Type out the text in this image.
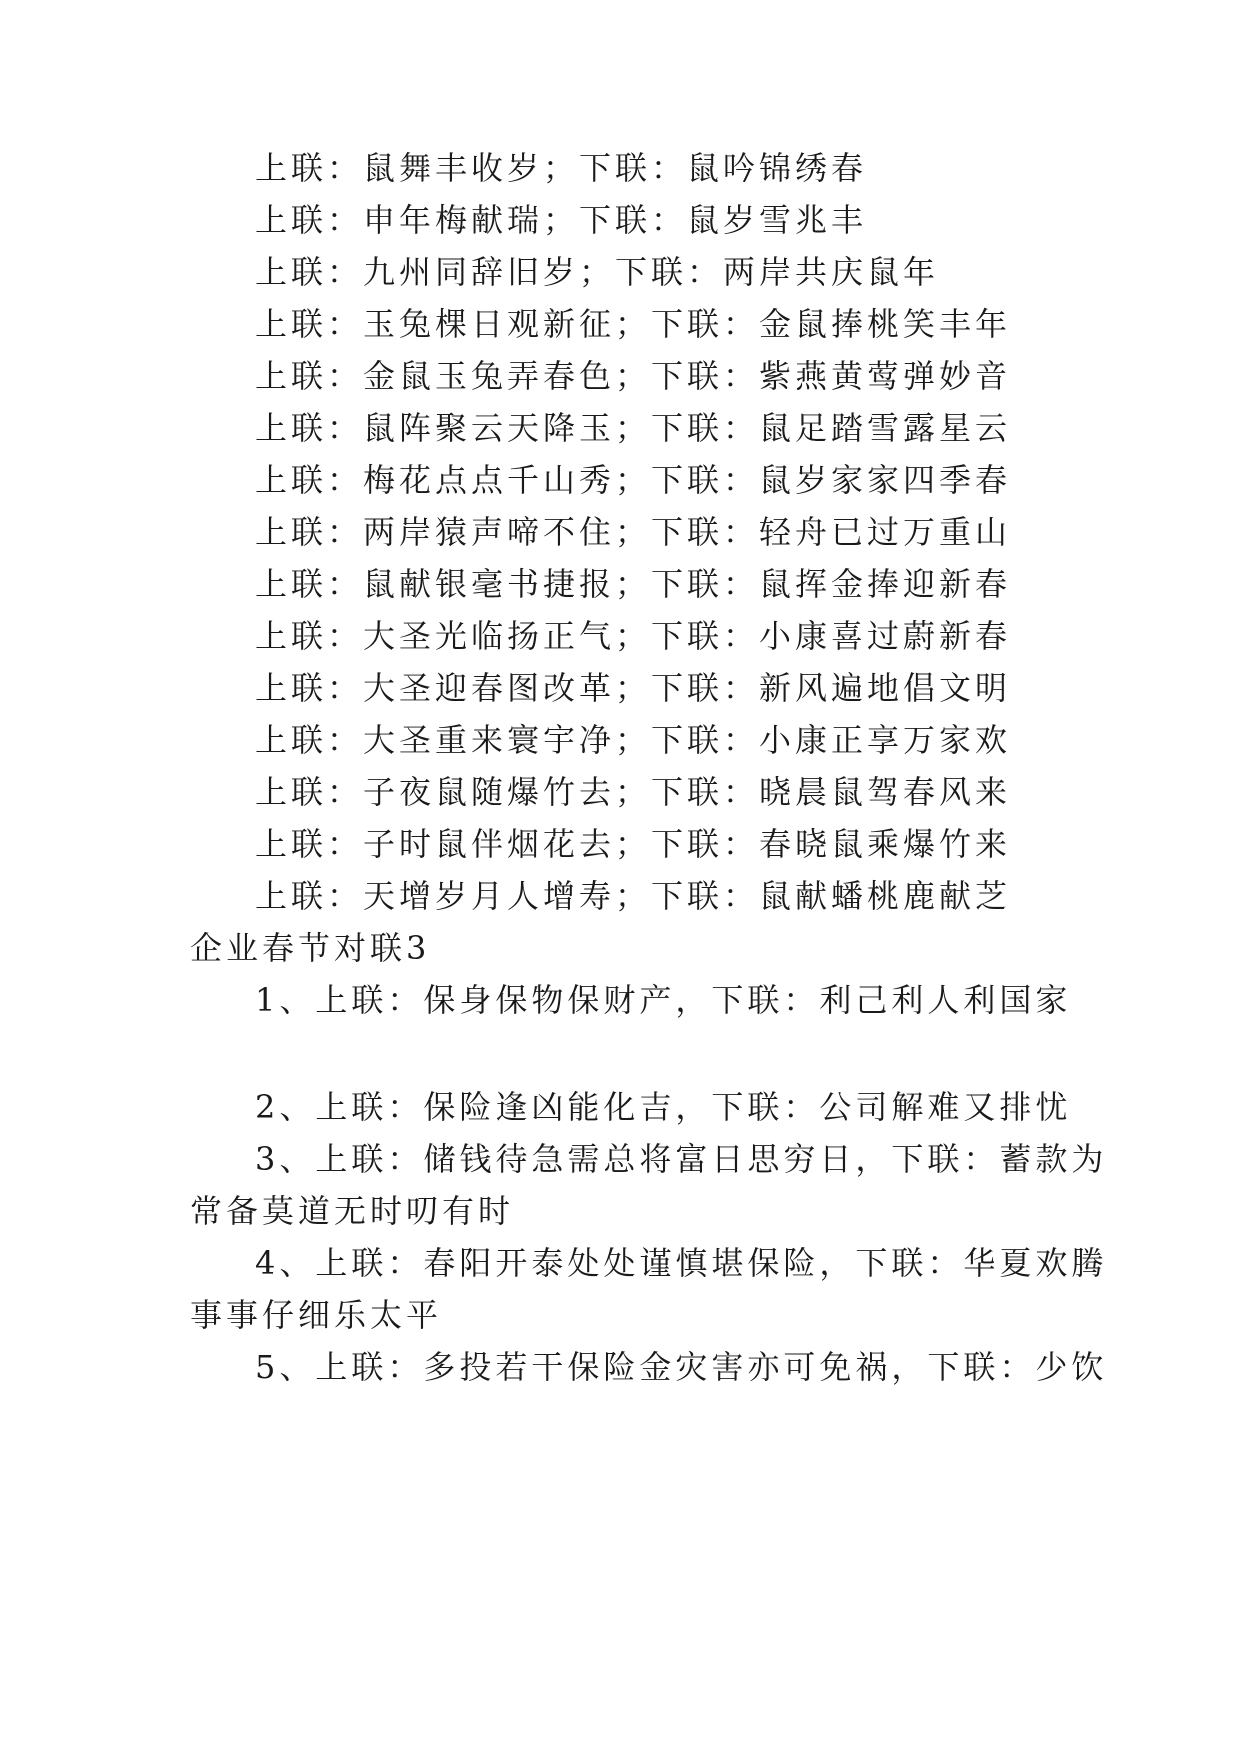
上联：鼠舞丰收岁；下联：鼠吟锦绣春
上联：申年梅献瑞；下联：鼠岁雪兆丰
上联：九州同辞旧岁；下联：两岸共庆鼠年
上联：玉兔棵日观新征；下联：金鼠捧桃笑丰年
上联：金鼠玉兔弄春色；下联：紫燕黄莺弹妙音
上联：鼠阵聚云天降玉；下联：鼠足踏雪露星云
上联：梅花点点千山秀；下联：鼠岁家家四季春
上联：两岸猿声啼不住；下联：轻舟已过万重山
上联：鼠献银毫书捷报；下联：鼠挥金捧迎新春
上联：大圣光临扬正气；下联：小康喜过蔚新春
上联：大圣迎春图改革；下联：新风遍地倡文明
上联：大圣重来寰宇净；下联：小康正享万家欢
上联：子夜鼠随爆竹去；下联：晓晨鼠驾春风来
上联：子时鼠伴烟花去；下联：春晓鼠乘爆竹来
上联：天增岁月人增寿；下联：鼠献蟠桃鹿献芝
企业春节对联3
1、上联：保身保物保财产，下联：利己利人利国家
2、上联：保险逢凶能化吉，下联：公司解难又排忧
3、上联：储钱待急需总将富日思穷日，下联：蓄款为
常备莫道无时叨有时
4、上联：春阳开泰处处谨慎堪保险，下联：华夏欢腾
事事仔细乐太平
5、上联：多投若干保险金灾害亦可免祸，下联：少饮
